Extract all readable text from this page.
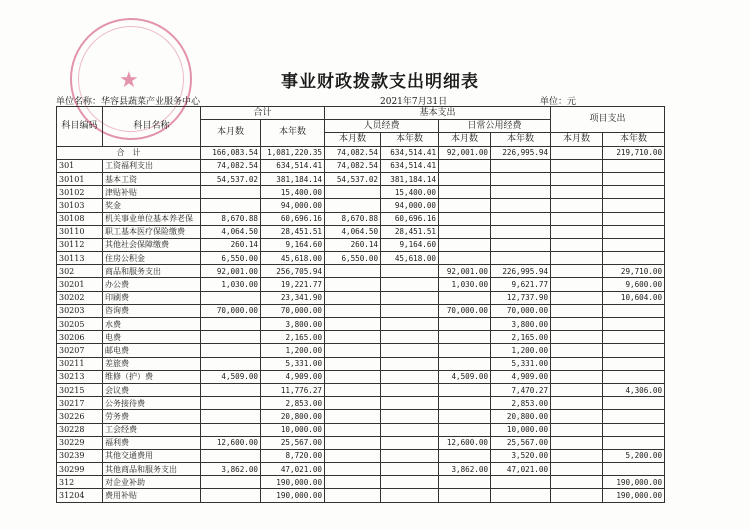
★	事业财政拨款支出明细表
单位名称：华容县蔬菜产业服务中心	2021年7月31日	单位：元
科目编码	科目名称	合计		基本支出				项目支出	
		本月数	本年数	人员经费		日常公用经费			
				本月数	本年数	本月数	本年数	本月数	本年数
合　计		166,083.54	1,081,220.35	74,082.54	634,514.41	92,001.00	226,995.94		219,710.00
301	工资福利支出	74,082.54	634,514.41	74,082.54	634,514.41				
30101	基本工资	54,537.02	381,184.14	54,537.02	381,184.14				
30102	津贴补贴		15,400.00		15,400.00				
30103	奖金		94,000.00		94,000.00				
30108	机关事业单位基本养老保	8,670.88	60,696.16	8,670.88	60,696.16				
30110	职工基本医疗保险缴费	4,064.50	28,451.51	4,064.50	28,451.51				
30112	其他社会保障缴费	260.14	9,164.60	260.14	9,164.60				
30113	住房公积金	6,550.00	45,618.00	6,550.00	45,618.00				
302	商品和服务支出	92,001.00	256,705.94			92,001.00	226,995.94		29,710.00
30201	办公费	1,030.00	19,221.77			1,030.00	9,621.77		9,600.00
30202	印刷费		23,341.90				12,737.90		10,604.00
30203	咨询费	70,000.00	70,000.00			70,000.00	70,000.00		
30205	水费		3,800.00				3,800.00		
30206	电费		2,165.00				2,165.00		
30207	邮电费		1,200.00				1,200.00		
30211	差旅费		5,331.00				5,331.00		
30213	维修（护）费	4,509.00	4,909.00			4,509.00	4,909.00		
30215	会议费		11,776.27				7,470.27		4,306.00
30217	公务接待费		2,853.00				2,853.00		
30226	劳务费		20,800.00				20,800.00		
30228	工会经费		10,000.00				10,000.00		
30229	福利费	12,600.00	25,567.00			12,600.00	25,567.00		
30239	其他交通费用		8,720.00				3,520.00		5,200.00
30299	其他商品和服务支出	3,862.00	47,021.00			3,862.00	47,021.00		
312	对企业补助		190,000.00						190,000.00
31204	费用补贴		190,000.00						190,000.00
